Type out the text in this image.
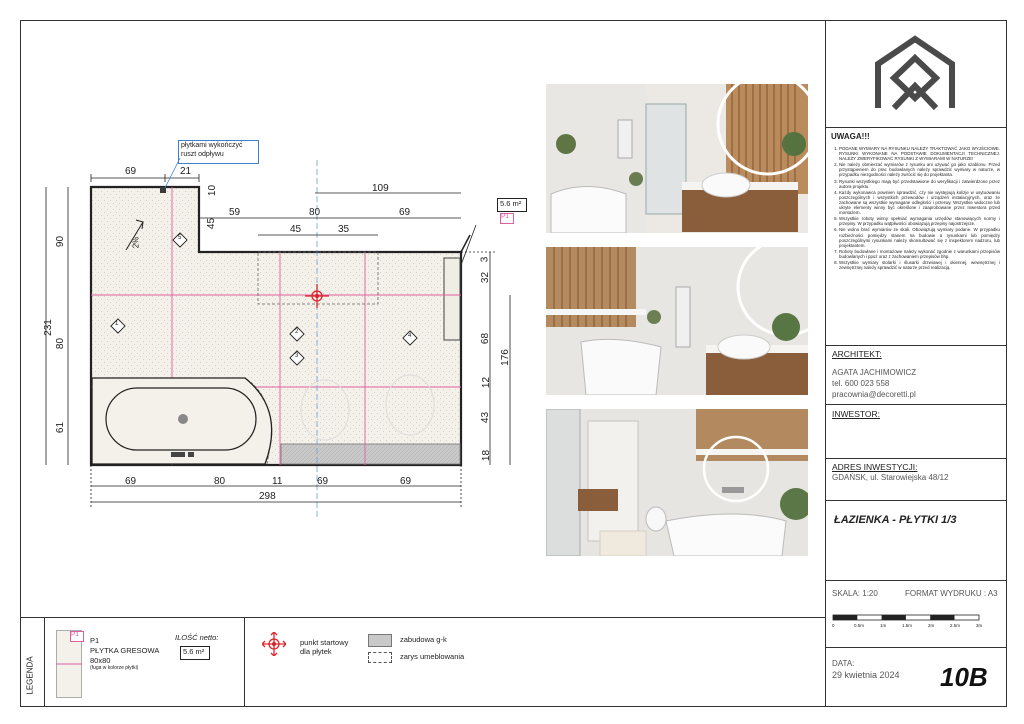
UWAGA!!!
1. PODANE WYMIARY NA RYSUNKU NALEŻY TRAKTOWAĆ JAKO WYJŚCIOWE. RYSUNKI WYKONANE NA PODSTAWIE DOKUMENTACJI TECHNICZNEJ. NALEŻY ZWERYFIKOWAĆ RYSUNKI Z WYMIARAMI W NATURZE!
2. Nie należy obmierzać wymiarów z rysunku ani używać go jako szablonu. Przed przystąpieniem do prac budowlanych należy sprawdzić wymiary w naturze, w przypadku niezgodności należy zwrócić się do projektanta.
3. Rysunki wszystkiego mają być przedstawione do weryfikacji i zatwierdzone przez autora projektu.
4. Każdy wykonawca powinien sprawdzić, czy nie występują kolizje w usytuowaniu poszczególnych i wszystkich przewodów i urządzeń instalacyjnych, oraz że zachowane są wszystkie wymagane odległości i przerwy. Wszystkie widoczne lub ukryte elementy winny być określone i zaaprobowane przez Inwestora przed montażem.
5. Wszystkie roboty winny spełniać wymagania urzędów stanowiących normy i przepisy. W przypadku wątpliwości obowiązują przepisy najostrzejsze.
6. Nie wolno brać wymiarów ze skali. Obowiązują wymiary podane. W przypadku rozbieżności pomiędzy stanem na budowie a rysunkami lub pomiędzy poszczególnymi rysunkami należy skonsultować się z inspektorem nadzoru, lub projektantem.
7. Roboty budowlane i montażowe należy wykonać zgodnie z warunkami przepisów budowlanych i ppoż oraz z zachowaniem przepisów bhp.
8. Wszystkie wymiary stolarki i ślusarki drzwiowej i okiennej, wewnętrznej i zewnętrznej należy sprawdzić w naturze przed realizacją.
ARCHITEKT:
AGATA JACHIMOWICZ
tel. 600 023 558
pracownia@decoretti.pl
INWESTOR:
ADRES INWESTYCJI:
GDAŃSK, ul. Starowiejska 48/12
ŁAZIENKA - PŁYTKI 1/3
SKALA: 1:20	FORMAT WYDRUKU : A3
0	0.5m	1m	1.5m	2m	2.5m	3m
DATA:
29 kwietnia 2024 10B
płytkami wykończyć
ruszt odpływu
5.6 m²
P1
69	21
109
59	80	69
45	35
10
45
231
90
80
61
3
32
68
176
12
43
18
69	80	11	69	69
298
2%
1
2
3
4
5
LEGENDA
P1
P1
PŁYTKA GRESOWA
80x80
(fuga w kolorze płytki)
ILOŚĆ netto:
5.6 m²
punkt startowy
dla płytek
zabudowa g-k
zarys umeblowania
